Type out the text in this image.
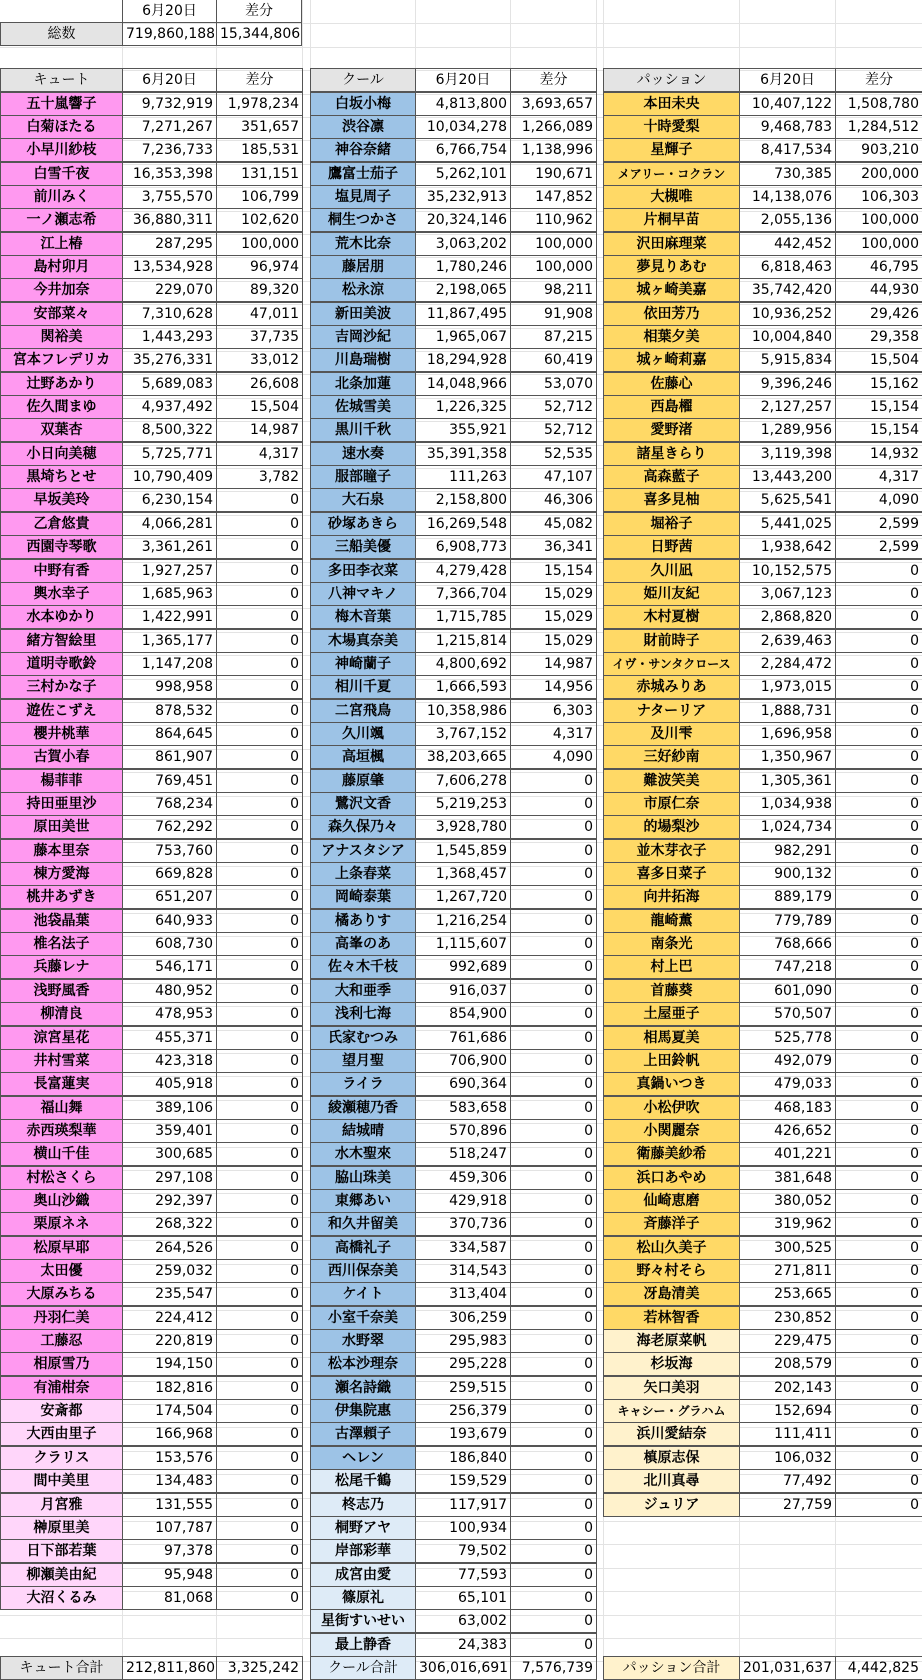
6月20日	差分
総数	719,860,188 15,344,806
キュート	6月20日	差分
五十嵐響子	9,732,919	1,978,234
白菊ほたる	7,271,267	351,657
小早川紗枝	7,236,733	185,531
白雪千夜	16,353,398	131,151
前川みく	3,755,570	106,799
一ノ瀬志希	36,880,311	102,620
江上椿	287,295	100,000
島村卯月	13,534,928	96,974
今井加奈	229,070	89,320
安部菜々	7,310,628	47,011
関裕美	1,443,293	37,735
宮本フレデリカ	35,276,331	33,012
辻野あかり	5,689,083	26,608
佐久間まゆ	4,937,492	15,504
双葉杏	8,500,322	14,987
小日向美穂	5,725,771	4,317
黒埼ちとせ	10,790,409	3,782
早坂美玲	6,230,154	0
乙倉悠貴	4,066,281	0
西園寺琴歌	3,361,261	0
中野有香	1,927,257	0
輿水幸子	1,685,963	0
水本ゆかり	1,422,991	0
緒方智絵里	1,365,177	0
道明寺歌鈴	1,147,208	0
三村かな子	998,958	0
遊佐こずえ	878,532	0
櫻井桃華	864,645	0
古賀小春	861,907	0
楊菲菲	769,451	0
持田亜里沙	768,234	0
原田美世	762,292	0
藤本里奈	753,760	0
棟方愛海	669,828	0
桃井あずき	651,207	0
池袋晶葉	640,933	0
椎名法子	608,730	0
兵藤レナ	546,171	0
浅野風香	480,952	0
柳清良	478,953	0
涼宮星花	455,371	0
井村雪菜	423,318	0
長富蓮実	405,918	0
福山舞	389,106	0
赤西瑛梨華	359,401	0
横山千佳	300,685	0
村松さくら	297,108	0
奥山沙織	292,397	0
栗原ネネ	268,322	0
松原早耶	264,526	0
太田優	259,032	0
大原みちる	235,547	0
丹羽仁美	224,412	0
工藤忍	220,819	0
相原雪乃	194,150	0
有浦柑奈	182,816	0
安斎都	174,504	0
大西由里子	166,968	0
クラリス	153,576	0
間中美里	134,483	0
月宮雅	131,555	0
榊原里美	107,787	0
日下部若葉	97,378	0
柳瀬美由紀	95,948	0
大沼くるみ	81,068	0
キュート合計	212,811,860 3,325,242
クール	6月20日	差分
白坂小梅	4,813,800	3,693,657
渋谷凛	10,034,278	1,266,089
神谷奈緒	6,766,754	1,138,996
鷹富士茄子	5,262,101	190,671
塩見周子	35,232,913	147,852
桐生つかさ	20,324,146	110,962
荒木比奈	3,063,202	100,000
藤居朋	1,780,246	100,000
松永涼	2,198,065	98,211
新田美波	11,867,495	91,908
吉岡沙紀	1,965,067	87,215
川島瑞樹	18,294,928	60,419
北条加蓮	14,048,966	53,070
佐城雪美	1,226,325	52,712
黒川千秋	355,921	52,712
速水奏	35,391,358	52,535
服部瞳子	111,263	47,107
大石泉	2,158,800	46,306
砂塚あきら	16,269,548	45,082
三船美優	6,908,773	36,341
多田李衣菜	4,279,428	15,154
八神マキノ	7,366,704	15,029
梅木音葉	1,715,785	15,029
木場真奈美	1,215,814	15,029
神崎蘭子	4,800,692	14,987
相川千夏	1,666,593	14,956
二宮飛鳥	10,358,986	6,303
久川颯	3,767,152	4,317
高垣楓	38,203,665	4,090
藤原肇	7,606,278	0
鷺沢文香	5,219,253	0
森久保乃々	3,928,780	0
アナスタシア	1,545,859	0
上条春菜	1,368,457	0
岡崎泰葉	1,267,720	0
橘ありす	1,216,254	0
高峯のあ	1,115,607	0
佐々木千枝	992,689	0
大和亜季	916,037	0
浅利七海	854,900	0
氏家むつみ	761,686	0
望月聖	706,900	0
ライラ	690,364	0
綾瀬穂乃香	583,658	0
結城晴	570,896	0
水木聖來	518,247	0
脇山珠美	459,306	0
東郷あい	429,918	0
和久井留美	370,736	0
高橋礼子	334,587	0
西川保奈美	314,543	0
ケイト	313,404	0
小室千奈美	306,259	0
水野翠	295,983	0
松本沙理奈	295,228	0
瀬名詩織	259,515	0
伊集院惠	256,379	0
古澤頼子	193,679	0
ヘレン	186,840	0
松尾千鶴	159,529	0
柊志乃	117,917	0
桐野アヤ	100,934	0
岸部彩華	79,502	0
成宮由愛	77,593	0
篠原礼	65,101	0
星街すいせい	63,002	0
最上静香	24,383	0
クール合計	306,016,691 7,576,739
パッション	6月20日	差分
本田未央	10,407,122	1,508,780
十時愛梨	9,468,783	1,284,512
星輝子	8,417,534	903,210
メアリー・コクラン	730,385	200,000
大槻唯	14,138,076	106,303
片桐早苗	2,055,136	100,000
沢田麻理菜	442,452	100,000
夢見りあむ	6,818,463	46,795
城ヶ崎美嘉	35,742,420	44,930
依田芳乃	10,936,252	29,426
相葉夕美	10,004,840	29,358
城ヶ崎莉嘉	5,915,834	15,504
佐藤心	9,396,246	15,162
西島櫂	2,127,257	15,154
愛野渚	1,289,956	15,154
諸星きらり	3,119,398	14,932
高森藍子	13,443,200	4,317
喜多見柚	5,625,541	4,090
堀裕子	5,441,025	2,599
日野茜	1,938,642	2,599
久川凪	10,152,575	0
姫川友紀	3,067,123	0
木村夏樹	2,868,820	0
財前時子	2,639,463	0
イヴ・サンタクロース	2,284,472	0
赤城みりあ	1,973,015	0
ナターリア	1,888,731	0
及川雫	1,696,958	0
三好紗南	1,350,967	0
難波笑美	1,305,361	0
市原仁奈	1,034,938	0
的場梨沙	1,024,734	0
並木芽衣子	982,291	0
喜多日菜子	900,132	0
向井拓海	889,179	0
龍崎薫	779,789	0
南条光	768,666	0
村上巴	747,218	0
首藤葵	601,090	0
土屋亜子	570,507	0
相馬夏美	525,778	0
上田鈴帆	492,079	0
真鍋いつき	479,033	0
小松伊吹	468,183	0
小関麗奈	426,652	0
衛藤美紗希	401,221	0
浜口あやめ	381,648	0
仙崎恵磨	380,052	0
斉藤洋子	319,962	0
松山久美子	300,525	0
野々村そら	271,811	0
冴島清美	253,665	0
若林智香	230,852	0
海老原菜帆	229,475	0
杉坂海	208,579	0
矢口美羽	202,143	0
キャシー・グラハム	152,694	0
浜川愛結奈	111,411	0
槙原志保	106,032	0
北川真尋	77,492	0
ジュリア	27,759	0
パッション合計	201,031,637	4,442,825
